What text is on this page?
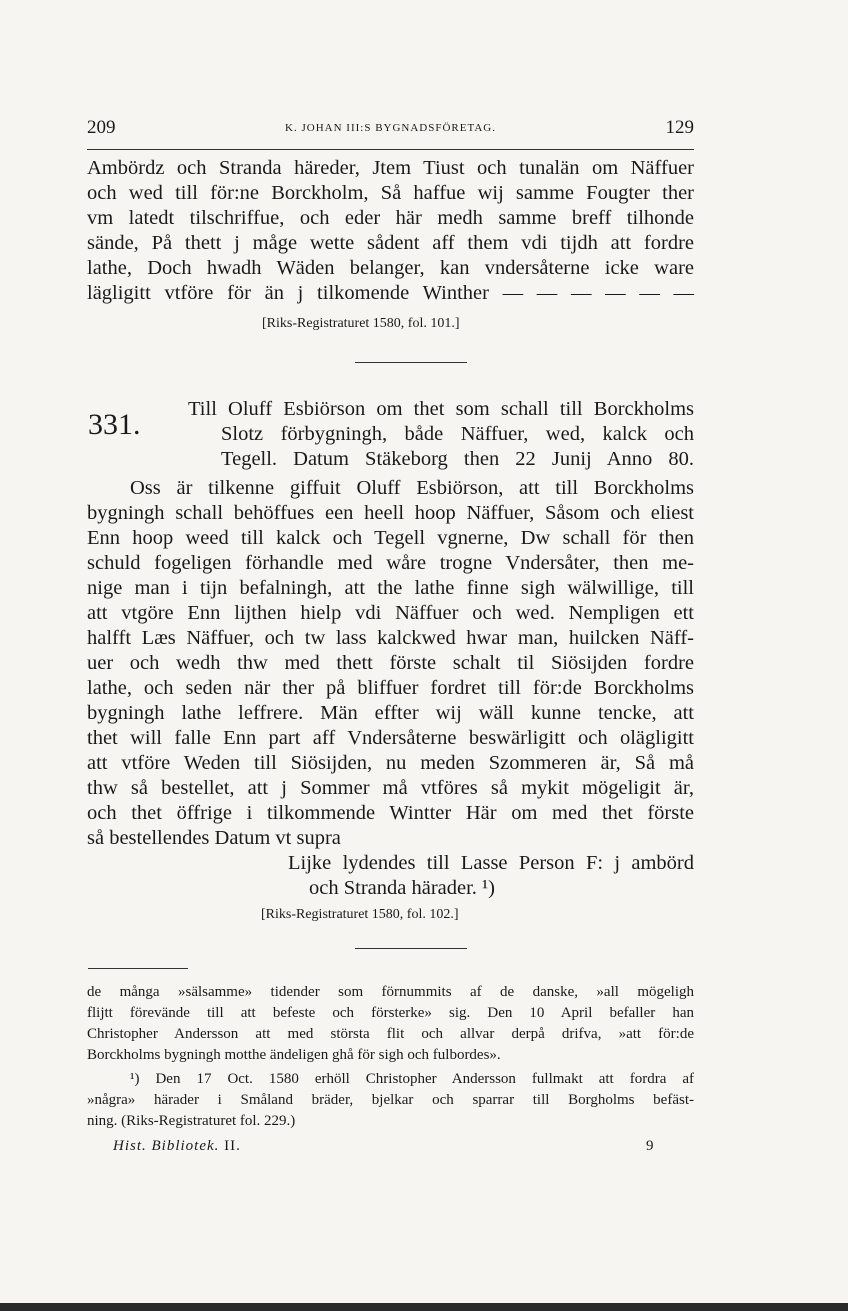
209	K. JOHAN III:S BYGNADSFÖRETAG.	129
Ambördz och Stranda häreder, Jtem Tiust och tunalän om Näffuer
och wed till för:ne Borckholm, Så haffue wij samme Fougter ther
vm latedt tilschriffue, och eder här medh samme breff tilhonde
sände, På thett j måge wette sådent aff them vdi tijdh att fordre
lathe, Doch hwadh Wäden belanger, kan vndersåterne icke ware
lägligitt vtföre för än j tilkomende Winther — — — — — —
[Riks-Registraturet 1580, fol. 101.]
331. Till Oluff Esbiörson om thet som schall till Borckholms
Slotz förbygningh, både Näffuer, wed, kalck och
Tegell. Datum Stäkeborg then 22 Junij Anno 80.
Oss är tilkenne giffuit Oluff Esbiörson, att till Borckholms
bygningh schall behöffues een heell hoop Näffuer, Såsom och eliest
Enn hoop weed till kalck och Tegell vgnerne, Dw schall för then
schuld fogeligen förhandle med wåre trogne Vndersåter, then me-
nige man i tijn befalningh, att the lathe finne sigh wälwillige, till
att vtgöre Enn lijthen hielp vdi Näffuer och wed. Nempligen ett
halfft Læs Näffuer, och tw lass kalckwed hwar man, huilcken Näff-
uer och wedh thw med thett förste schalt til Siösijden fordre
lathe, och seden när ther på bliffuer fordret till för:de Borckholms
bygningh lathe leffrere. Män effter wij wäll kunne tencke, att
thet will falle Enn part aff Vndersåterne beswärligitt och olägligitt
att vtföre Weden till Siösijden, nu meden Szommeren är, Så må
thw så bestellet, att j Sommer må vtföres så mykit mögeligit är,
och thet öffrige i tilkommende Wintter Här om med thet förste
så bestellendes Datum vt supra
Lijke lydendes till Lasse Person F: j ambörd
och Stranda härader. ¹)
[Riks-Registraturet 1580, fol. 102.]
de många »sälsamme» tidender som förnummits af de danske, »all mögeligh
flijtt förevände till att befeste och försterke» sig. Den 10 April befaller han
Christopher Andersson att med största flit och allvar derpå drifva, »att för:de
Borckholms bygningh motthe ändeligen ghå för sigh och fulbordes».
¹) Den 17 Oct. 1580 erhöll Christopher Andersson fullmakt att fordra af
»några» härader i Småland bräder, bjelkar och sparrar till Borgholms befäst-
ning. (Riks-Registraturet fol. 229.)
Hist. Bibliotek. II.	9
